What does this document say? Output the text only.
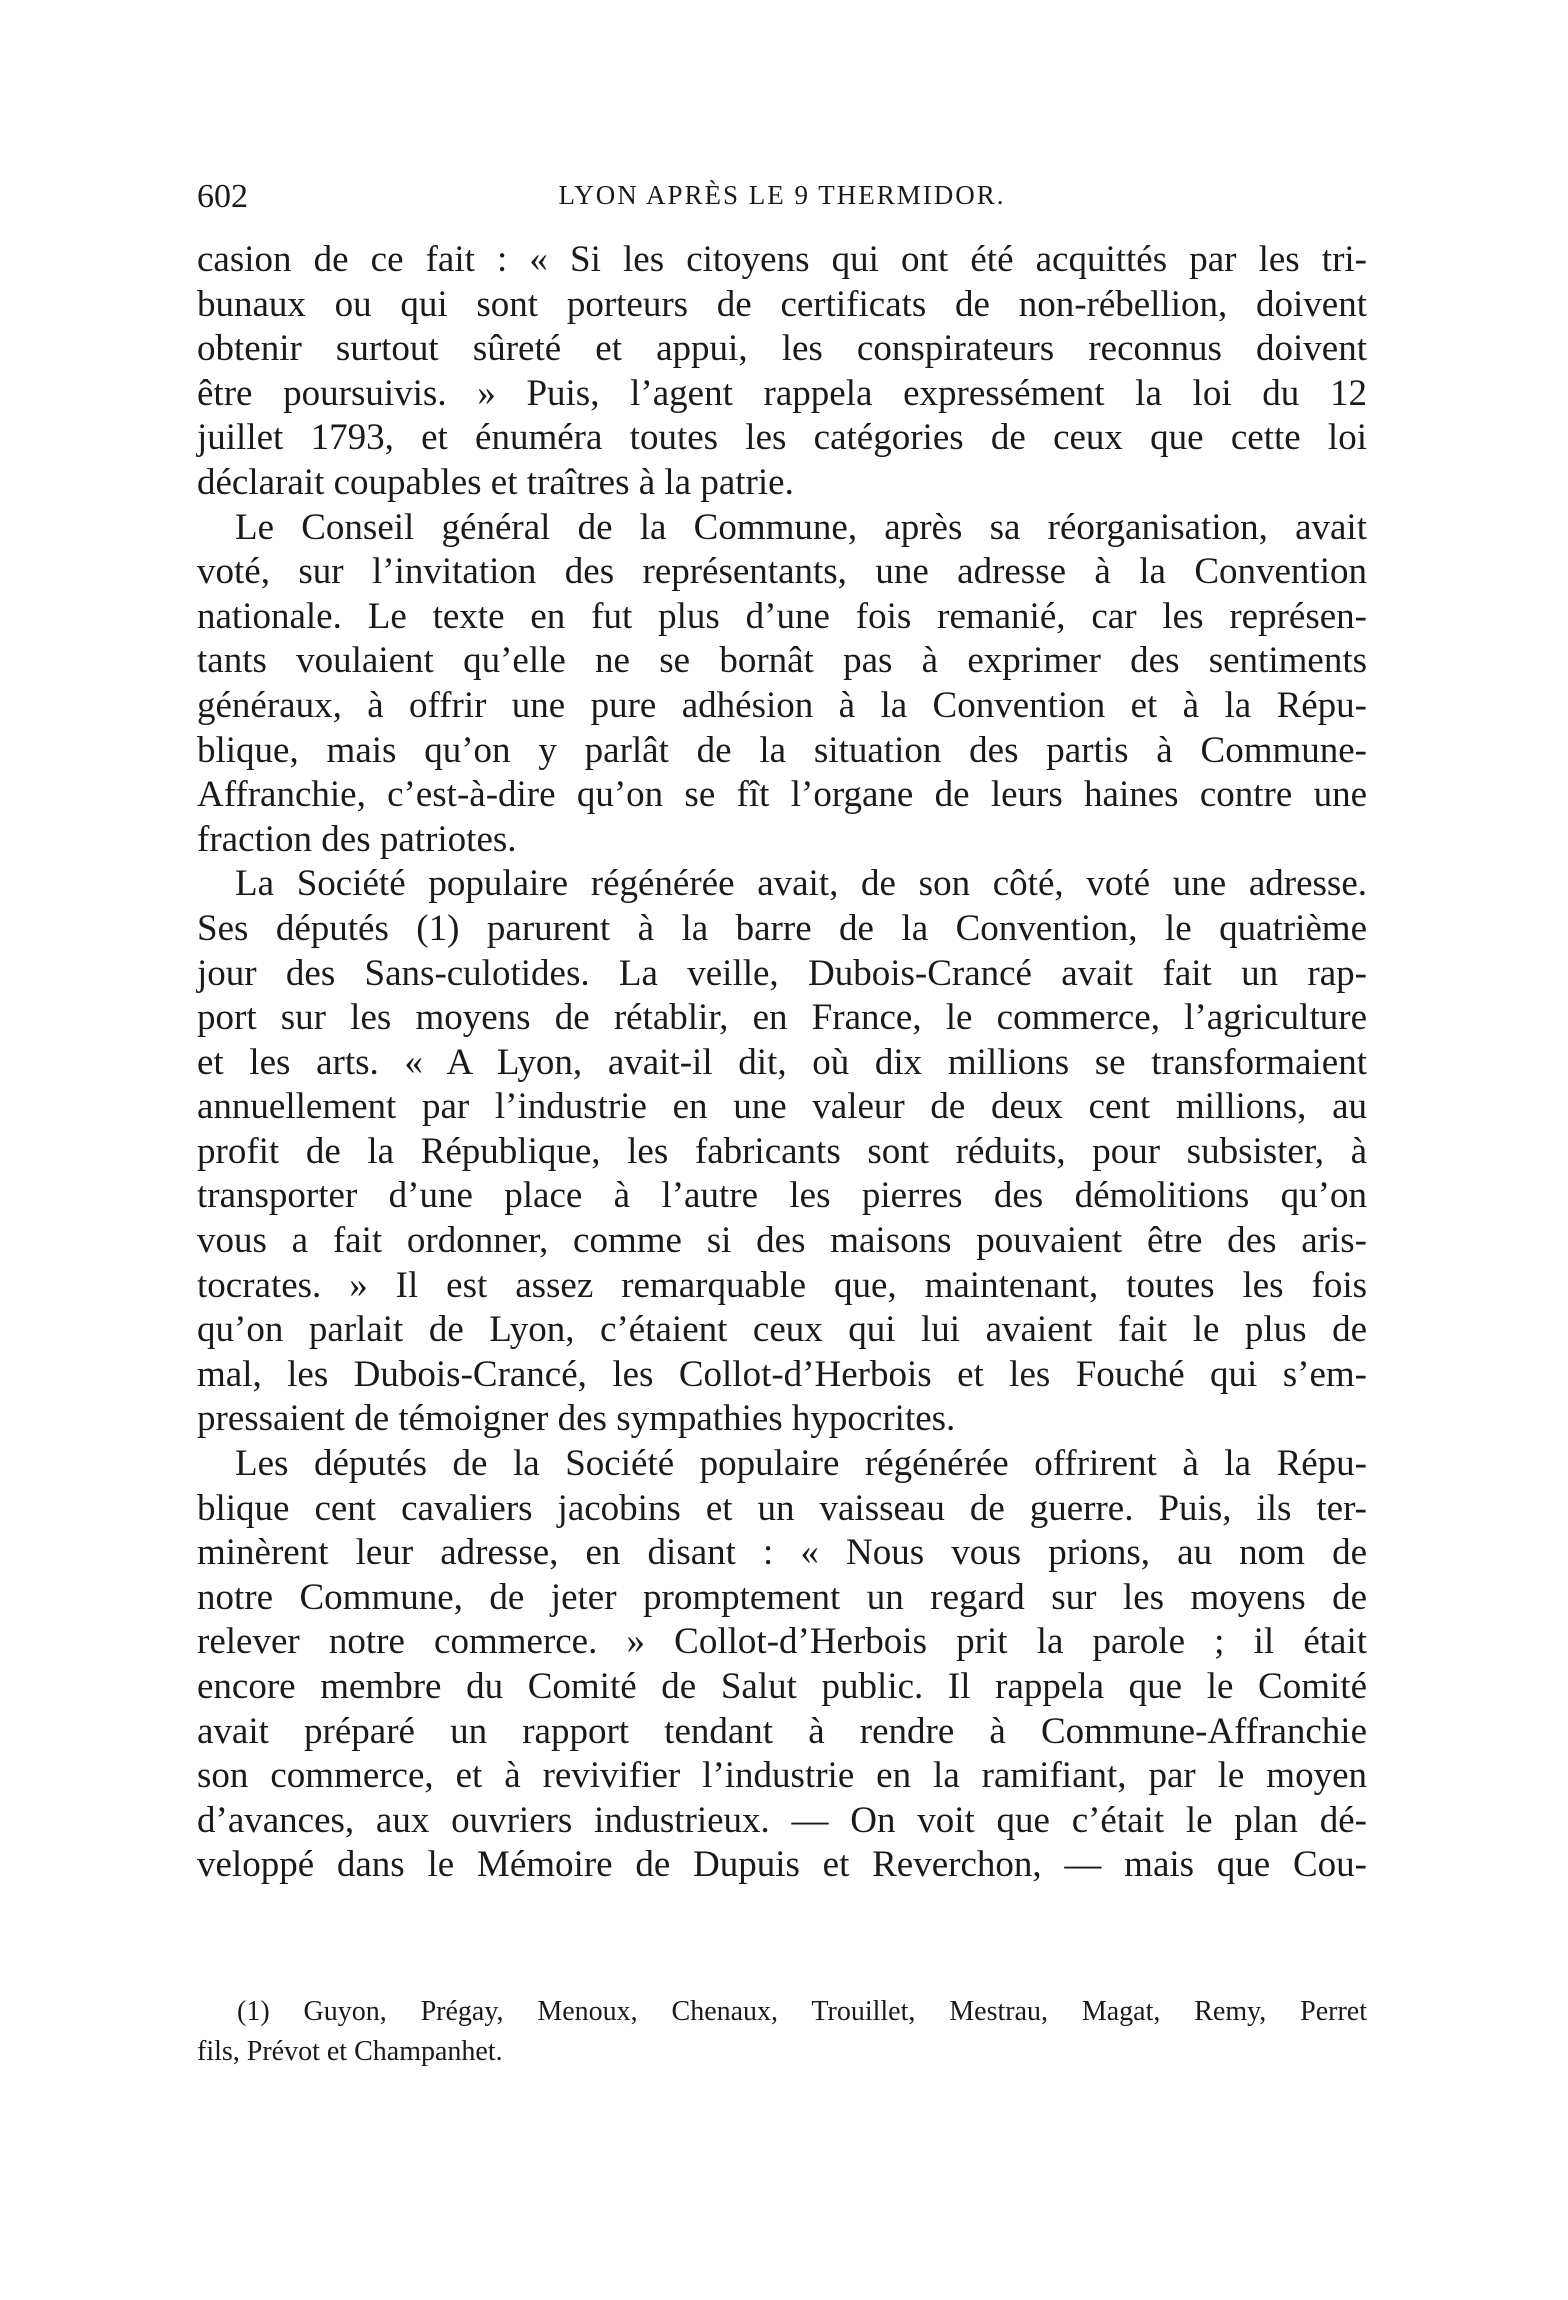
602	LYON APRÈS LE 9 THERMIDOR.
casion de ce fait : « Si les citoyens qui ont été acquittés par les tri-
bunaux ou qui sont porteurs de certificats de non-rébellion, doivent
obtenir surtout sûreté et appui, les conspirateurs reconnus doivent
être poursuivis. » Puis, l’agent rappela expressément la loi du 12
juillet 1793, et énuméra toutes les catégories de ceux que cette loi
déclarait coupables et traîtres à la patrie.
Le Conseil général de la Commune, après sa réorganisation, avait
voté, sur l’invitation des représentants, une adresse à la Convention
nationale. Le texte en fut plus d’une fois remanié, car les représen-
tants voulaient qu’elle ne se bornât pas à exprimer des sentiments
généraux, à offrir une pure adhésion à la Convention et à la Répu-
blique, mais qu’on y parlât de la situation des partis à Commune-
Affranchie, c’est-à-dire qu’on se fît l’organe de leurs haines contre une
fraction des patriotes.
La Société populaire régénérée avait, de son côté, voté une adresse.
Ses députés (1) parurent à la barre de la Convention, le quatrième
jour des Sans-culotides. La veille, Dubois-Crancé avait fait un rap-
port sur les moyens de rétablir, en France, le commerce, l’agriculture
et les arts. « A Lyon, avait-il dit, où dix millions se transformaient
annuellement par l’industrie en une valeur de deux cent millions, au
profit de la République, les fabricants sont réduits, pour subsister, à
transporter d’une place à l’autre les pierres des démolitions qu’on
vous a fait ordonner, comme si des maisons pouvaient être des aris-
tocrates. » Il est assez remarquable que, maintenant, toutes les fois
qu’on parlait de Lyon, c’étaient ceux qui lui avaient fait le plus de
mal, les Dubois-Crancé, les Collot-d’Herbois et les Fouché qui s’em-
pressaient de témoigner des sympathies hypocrites.
Les députés de la Société populaire régénérée offrirent à la Répu-
blique cent cavaliers jacobins et un vaisseau de guerre. Puis, ils ter-
minèrent leur adresse, en disant : « Nous vous prions, au nom de
notre Commune, de jeter promptement un regard sur les moyens de
relever notre commerce. » Collot-d’Herbois prit la parole ; il était
encore membre du Comité de Salut public. Il rappela que le Comité
avait préparé un rapport tendant à rendre à Commune-Affranchie
son commerce, et à revivifier l’industrie en la ramifiant, par le moyen
d’avances, aux ouvriers industrieux. — On voit que c’était le plan dé-
veloppé dans le Mémoire de Dupuis et Reverchon, — mais que Cou-
(1) Guyon, Prégay, Menoux, Chenaux, Trouillet, Mestrau, Magat, Remy, Perret
fils, Prévot et Champanhet.
